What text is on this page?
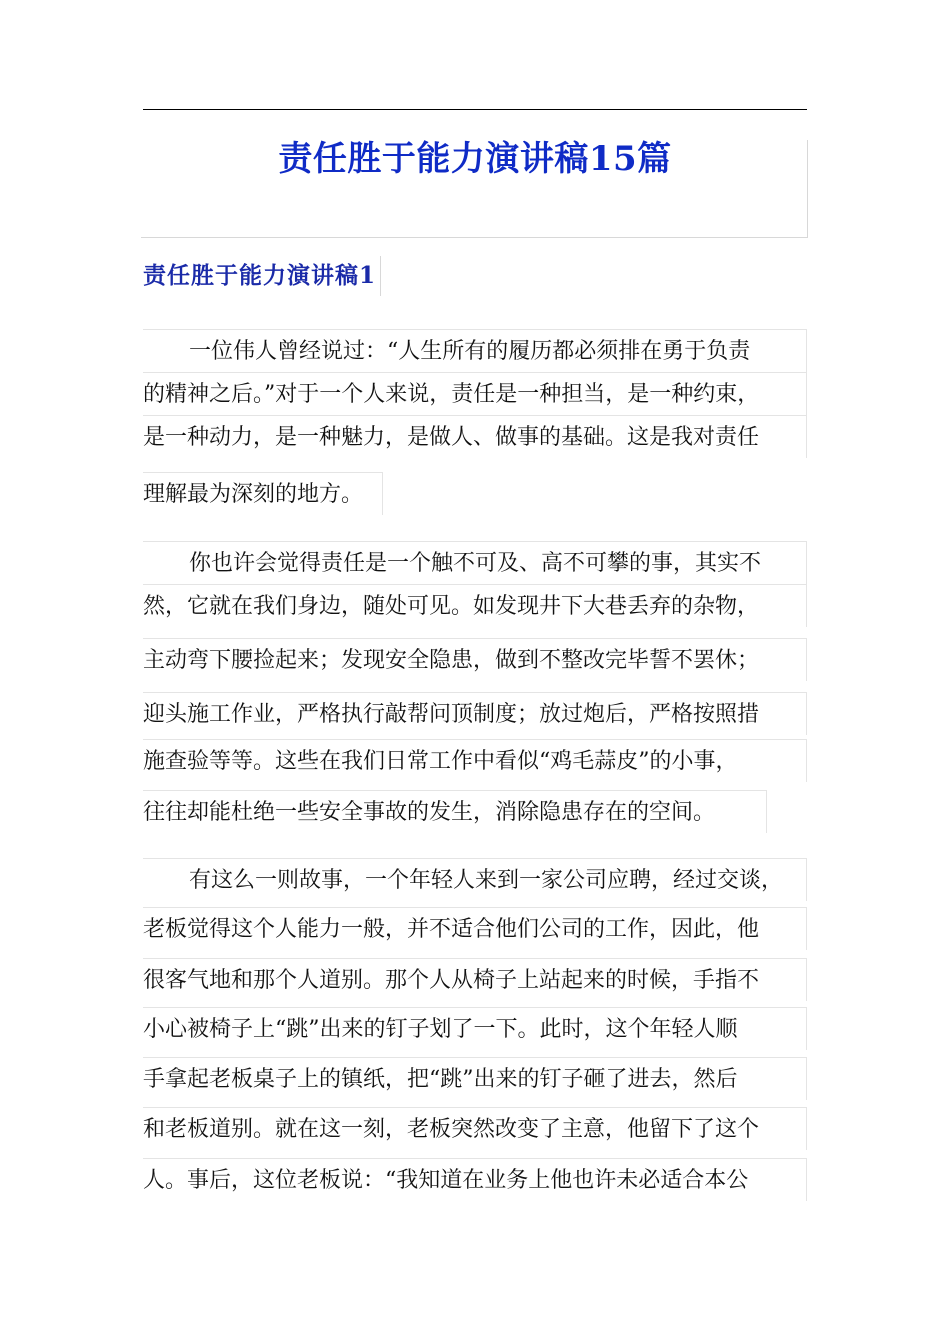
责任胜于能力演讲稿15篇
责任胜于能力演讲稿1
一位伟人曾经说过：“人生所有的履历都必须排在勇于负责
的精神之后。”对于一个人来说，责任是一种担当，是一种约束，
是一种动力，是一种魅力，是做人、做事的基础。这是我对责任
理解最为深刻的地方。
你也许会觉得责任是一个触不可及、高不可攀的事，其实不
然，它就在我们身边，随处可见。如发现井下大巷丢弃的杂物，
主动弯下腰捡起来；发现安全隐患，做到不整改完毕誓不罢休；
迎头施工作业，严格执行敲帮问顶制度；放过炮后，严格按照措
施查验等等。这些在我们日常工作中看似“鸡毛蒜皮”的小事，
往往却能杜绝一些安全事故的发生，消除隐患存在的空间。
有这么一则故事，一个年轻人来到一家公司应聘，经过交谈，
老板觉得这个人能力一般，并不适合他们公司的工作，因此，他
很客气地和那个人道别。那个人从椅子上站起来的时候，手指不
小心被椅子上“跳”出来的钉子划了一下。此时，这个年轻人顺
手拿起老板桌子上的镇纸，把“跳”出来的钉子砸了进去，然后
和老板道别。就在这一刻，老板突然改变了主意，他留下了这个
人。事后，这位老板说：“我知道在业务上他也许未必适合本公
